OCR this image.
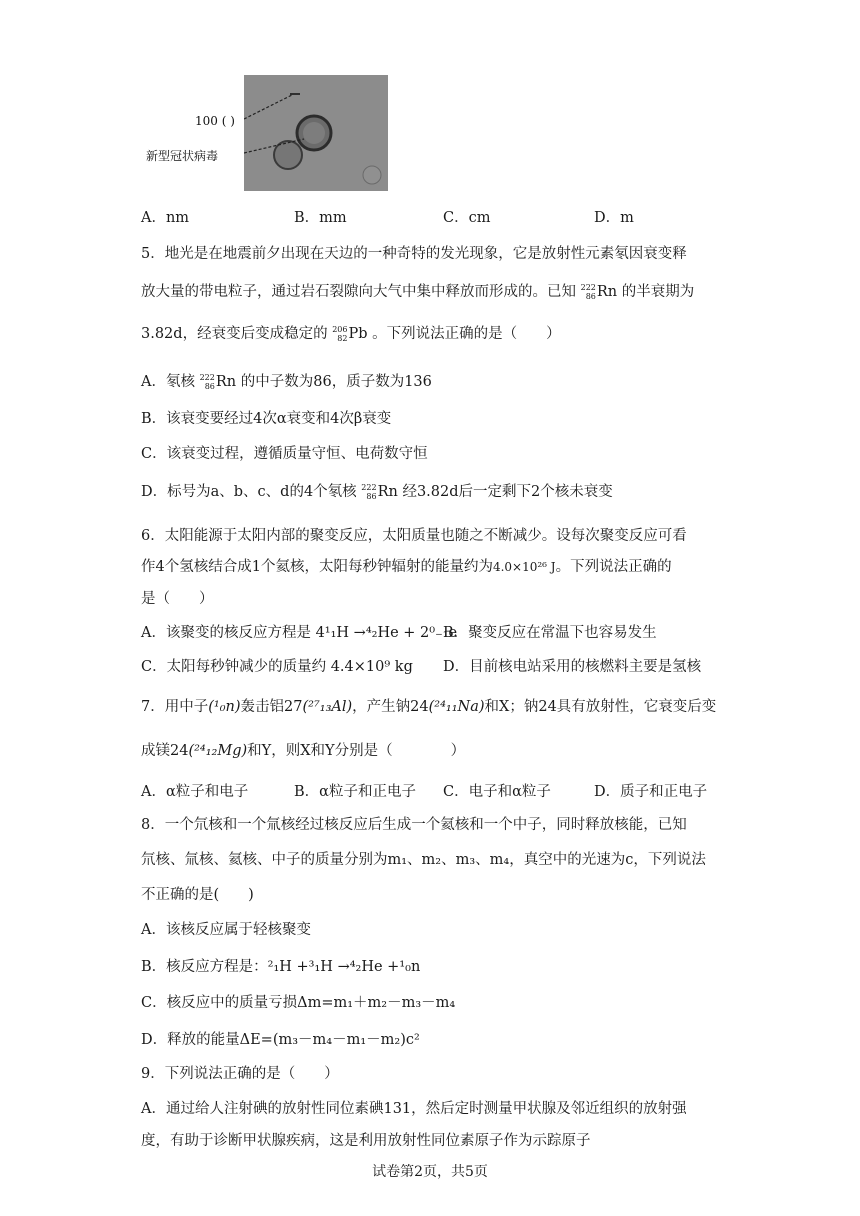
100 ( )
新型冠状病毒
A．nm	B．mm	C．cm	D．m
5．地光是在地震前夕出现在天边的一种奇特的发光现象，它是放射性元素氡因衰变释
放大量的带电粒子，通过岩石裂隙向大气中集中释放而形成的。已知 222
86 Rn 的半衰期为
3.82d，经衰变后变成稳定的 206
82 Pb 。下列说法正确的是（　　）
A．氡核 222
86 Rn 的中子数为86，质子数为136
B．该衰变要经过4次α衰变和4次β衰变
C．该衰变过程，遵循质量守恒、电荷数守恒
D．标号为a、b、c、d的4个氡核 222
86 Rn 经3.82d后一定剩下2个核未衰变
6．太阳能源于太阳内部的聚变反应，太阳质量也随之不断减少。设每次聚变反应可看
作4个氢核结合成1个氦核，太阳每秒钟辐射的能量约为4.0×10²⁶ J。下列说法正确的
是（　　）
A．该聚变的核反应方程是 4¹₁H →⁴₂He + 2⁰₋₁e
B．聚变反应在常温下也容易发生
C．太阳每秒钟减少的质量约 4.4×10⁹ kg D．目前核电站采用的核燃料主要是氢核
7．用中子(¹₀n)轰击铝27(²⁷₁₃Al)，产生钠24(²⁴₁₁Na)和X；钠24具有放射性，它衰变后变
成镁24(²⁴₁₂Mg)和Y，则X和Y分别是（　　　　）
A．α粒子和电子	B．α粒子和正电子 C．电子和α粒子	D．质子和正电子
8．一个氘核和一个氚核经过核反应后生成一个氦核和一个中子，同时释放核能，已知
氘核、氚核、氦核、中子的质量分别为m₁、m₂、m₃、m₄，真空中的光速为c，下列说法
不正确的是(　　)
A．该核反应属于轻核聚变
B．核反应方程是：²₁H +³₁H →⁴₂He +¹₀n
C．核反应中的质量亏损Δm=m₁＋m₂－m₃－m₄
D．释放的能量ΔE=(m₃－m₄－m₁－m₂)c²
9．下列说法正确的是（　　）
A．通过给人注射碘的放射性同位素碘131，然后定时测量甲状腺及邻近组织的放射强
度，有助于诊断甲状腺疾病，这是利用放射性同位素原子作为示踪原子
试卷第2页，共5页
